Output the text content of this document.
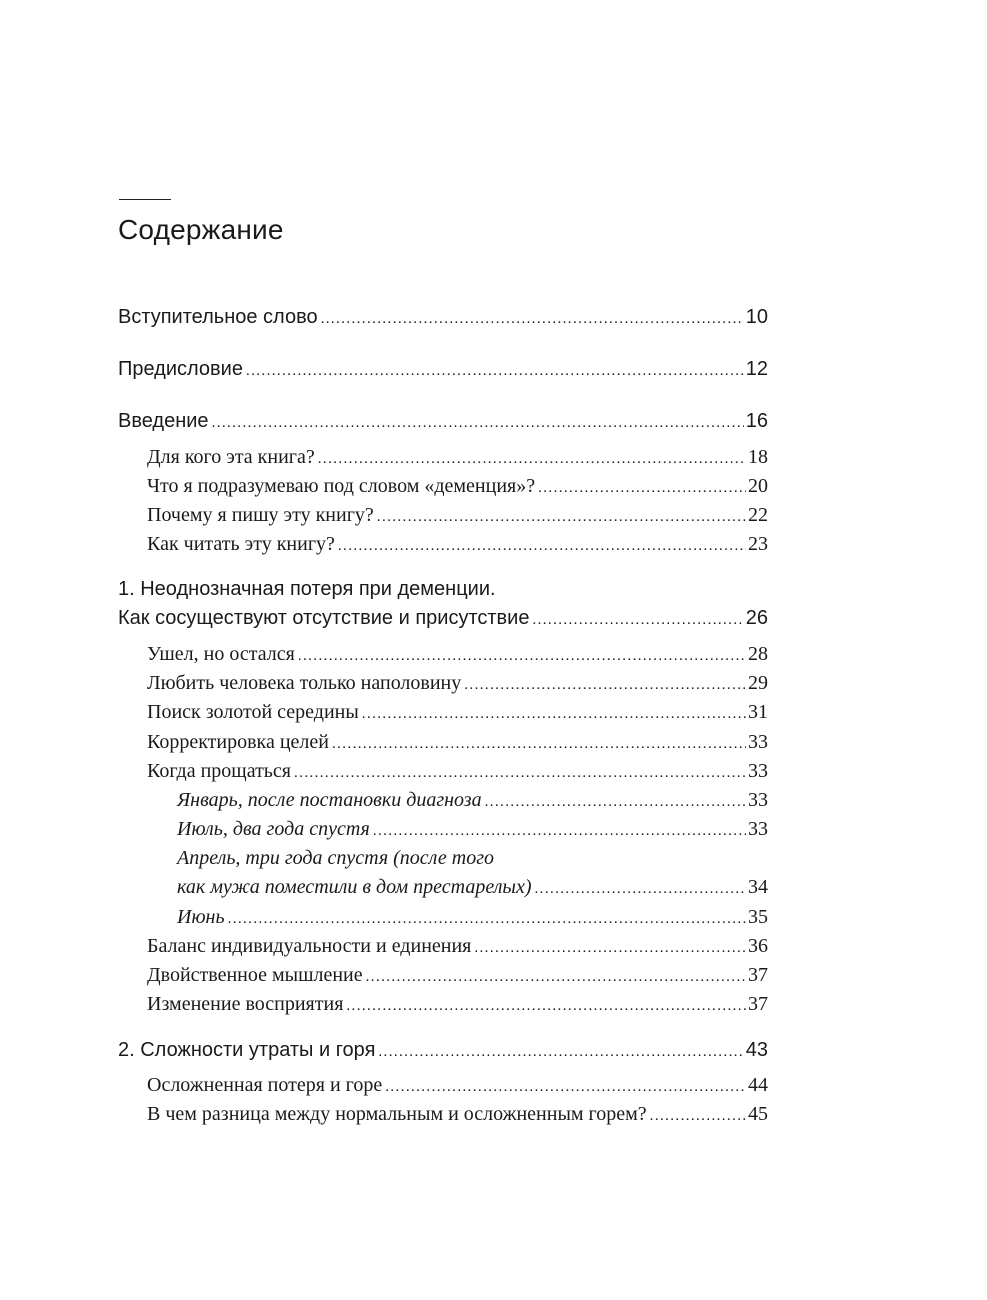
Содержание
Вступительное слово .....	10
Предисловие .....	12
Введение .....	16
Для кого эта книга? .....	18
Что я подразумеваю под словом «деменция»? .....	20
Почему я пишу эту книгу? .....	22
Как читать эту книгу? .....	23
1. Неоднозначная потеря при деменции.
Как сосуществуют отсутствие и присутствие .....	26
Ушел, но остался .....	28
Любить человека только наполовину .....	29
Поиск золотой середины .....	31
Корректировка целей .....	33
Когда прощаться .....	33
Январь, после постановки диагноза .....	33
Июль, два года спустя .....	33
Апрель, три года спустя (после того
как мужа поместили в дом престарелых) .....	34
Июнь .....	35
Баланс индивидуальности и единения .....	36
Двойственное мышление .....	37
Изменение восприятия .....	37
2. Сложности утраты и горя .....	43
Осложненная потеря и горе .....	44
В чем разница между нормальным и осложненным горем? .....	45
